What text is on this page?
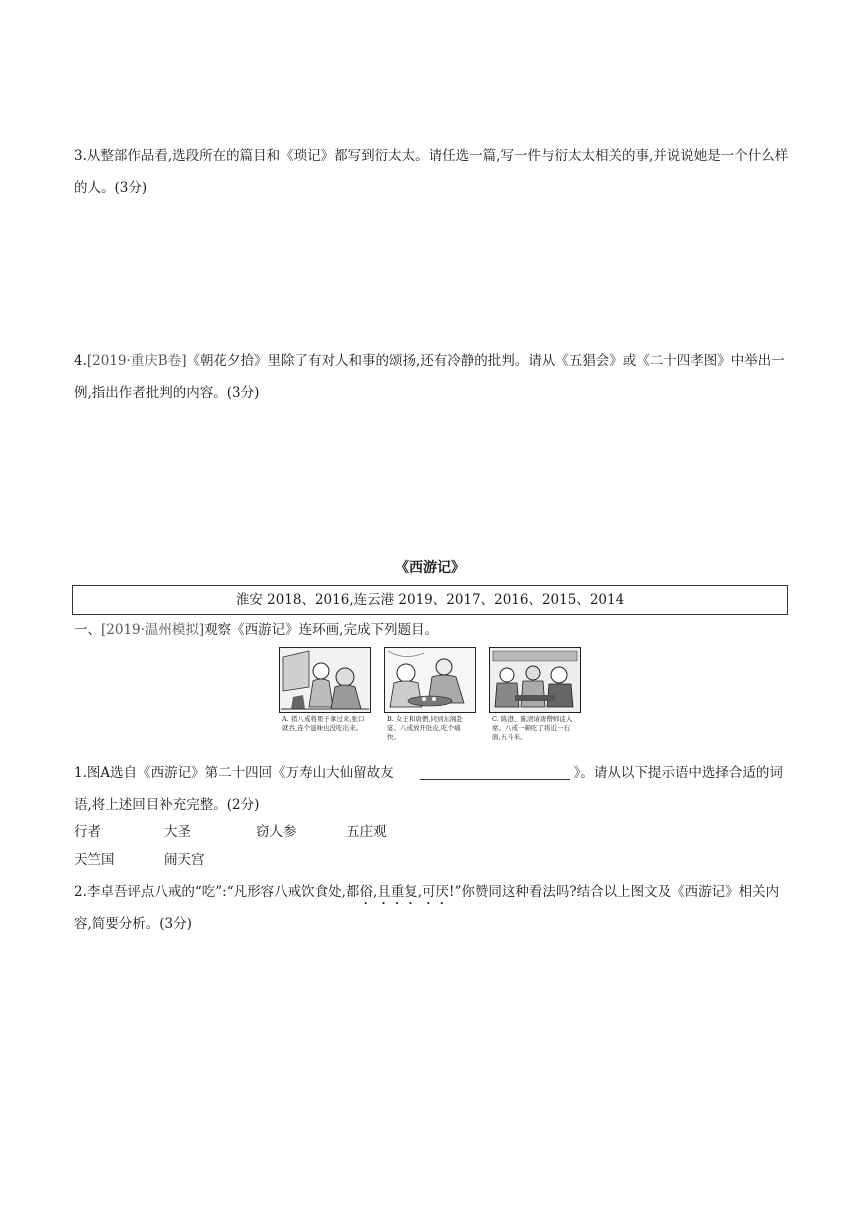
3.从整部作品看,选段所在的篇目和《琐记》都写到衍太太。请任选一篇,写一件与衍太太相关的事,并说说她是一个什么样的人。(3分)
4.[2019·重庆B卷]《朝花夕拾》里除了有对人和事的颂扬,还有冷静的批判。请从《五猖会》或《二十四孝图》中举出一例,指出作者批判的内容。(3分)
《西游记》
淮安 2018、2016,连云港 2019、2017、2016、2015、2014
一、[2019·温州模拟]观察《西游记》连环画,完成下列题目。
A. 猪八戒将果子拿过来,张口就吞,连个滋味也没吃出来。
B. 女王和唐僧,同到东阁赴宴。八戒放开肚皮,吃个痛快。
C. 陈澄、陈清请唐僧师徒入席。八戒一顿吃了将近一石面,五斗米。
1.图A选自《西游记》第二十四回《万寿山大仙留故友	》。请从以下提示语中选择合适的词语,将上述回目补充完整。(2分)
行者	大圣	窃人参	五庄观
天竺国	闹天宫
2.李卓吾评点八戒的“吃”:“凡形容八戒饮食处,都俗,且重复,可厌!”你赞同这种看法吗?结合以上图文及《西游记》相关内容,简要分析。(3分)
